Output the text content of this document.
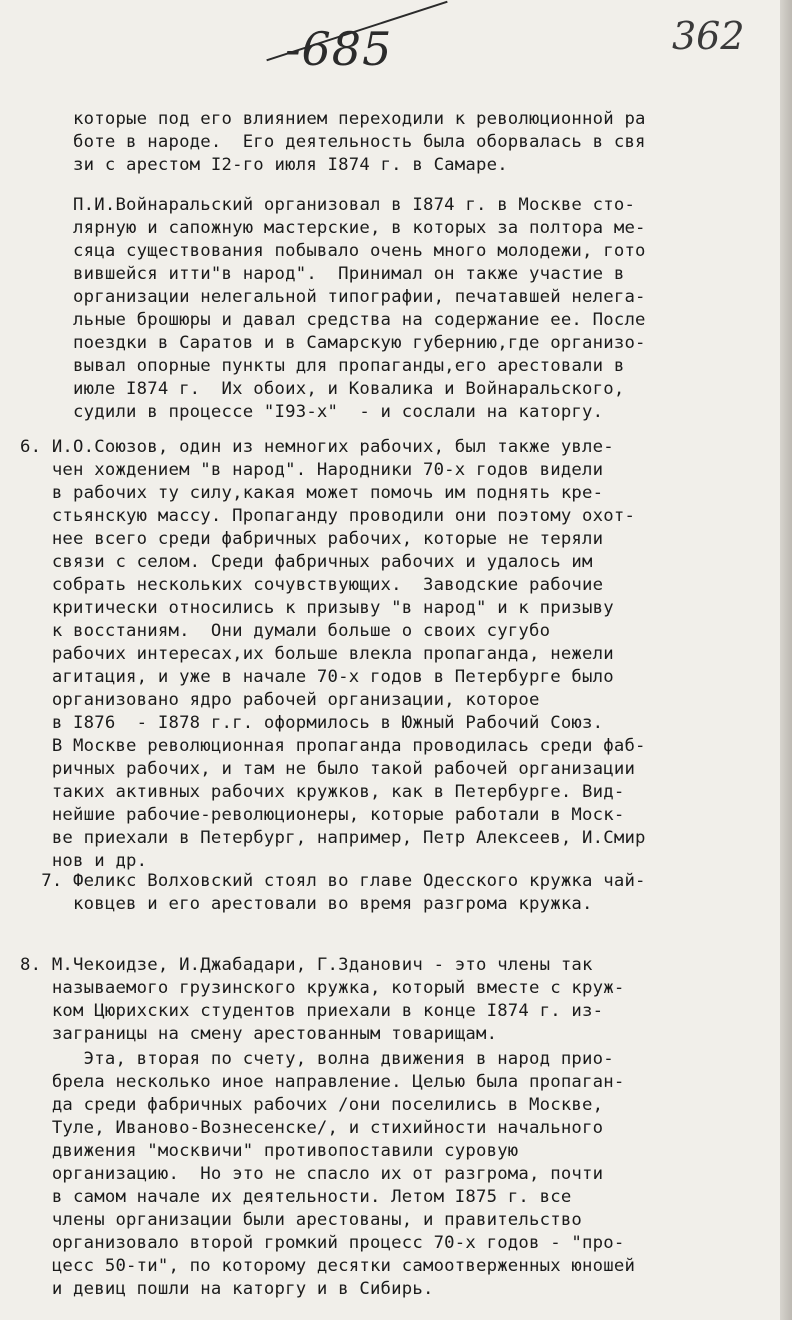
-685	362
которые под его влиянием переходили к революционной ра
боте в народе.  Его деятельность была оборвалась в свя
зи с арестом I2-го июля I874 г. в Самаре.
П.И.Войнаральский организовал в I874 г. в Москве сто-
лярную и сапожную мастерские, в которых за полтора ме-
сяца существования побывало очень много молодежи, гото
вившейся итти"в народ".  Принимал он также участие в
организации нелегальной типографии, печатавшей нелега-
льные брошюры и давал средства на содержание ее. После
поездки в Саратов и в Самарскую губернию,где организо-
вывал опорные пункты для пропаганды,его арестовали в
июле I874 г.  Их обоих, и Ковалика и Войнаральского,
судили в процессе "I93-х"  - и сослали на каторгу.
6. И.О.Союзов, один из немногих рабочих, был также увле-
чен хождением "в народ". Народники 70-х годов видели
в рабочих ту силу,какая может помочь им поднять кре-
стьянскую массу. Пропаганду проводили они поэтому охот-
нее всего среди фабричных рабочих, которые не теряли
связи с селом. Среди фабричных рабочих и удалось им
собрать нескольких сочувствующих.  Заводские рабочие
критически относились к призыву "в народ" и к призыву
к восстаниям.  Они думали больше о своих сугубо
рабочих интересах,их больше влекла пропаганда, нежели
агитация, и уже в начале 70-х годов в Петербурге было
организовано ядро рабочей организации, которое
в I876  - I878 г.г. оформилось в Южный Рабочий Союз.
В Москве революционная пропаганда проводилась среди фаб-
ричных рабочих, и там не было такой рабочей организации
таких активных рабочих кружков, как в Петербурге. Вид-
нейшие рабочие-революционеры, которые работали в Моск-
ве приехали в Петербург, например, Петр Алексеев, И.Смир
нов и др.
7. Феликс Волховский стоял во главе Одесского кружка чай-
ковцев и его арестовали во время разгрома кружка.
8. М.Чекоидзе, И.Джабадари, Г.Зданович - это члены так
называемого грузинского кружка, который вместе с круж-
ком Цюрихских студентов приехали в конце I874 г. из-
заграницы на смену арестованным товарищам.
Эта, вторая по счету, волна движения в народ прио-
брела несколько иное направление. Целью была пропаган-
да среди фабричных рабочих /они поселились в Москве,
Туле, Иваново-Вознесенске/, и стихийности начального
движения "москвичи" противопоставили суровую
организацию.  Но это не спасло их от разгрома, почти
в самом начале их деятельности. Летом I875 г. все
члены организации были арестованы, и правительство
организовало второй громкий процесс 70-х годов - "про-
цесс 50-ти", по которому десятки самоотверженных юношей
и девиц пошли на каторгу и в Сибирь.
